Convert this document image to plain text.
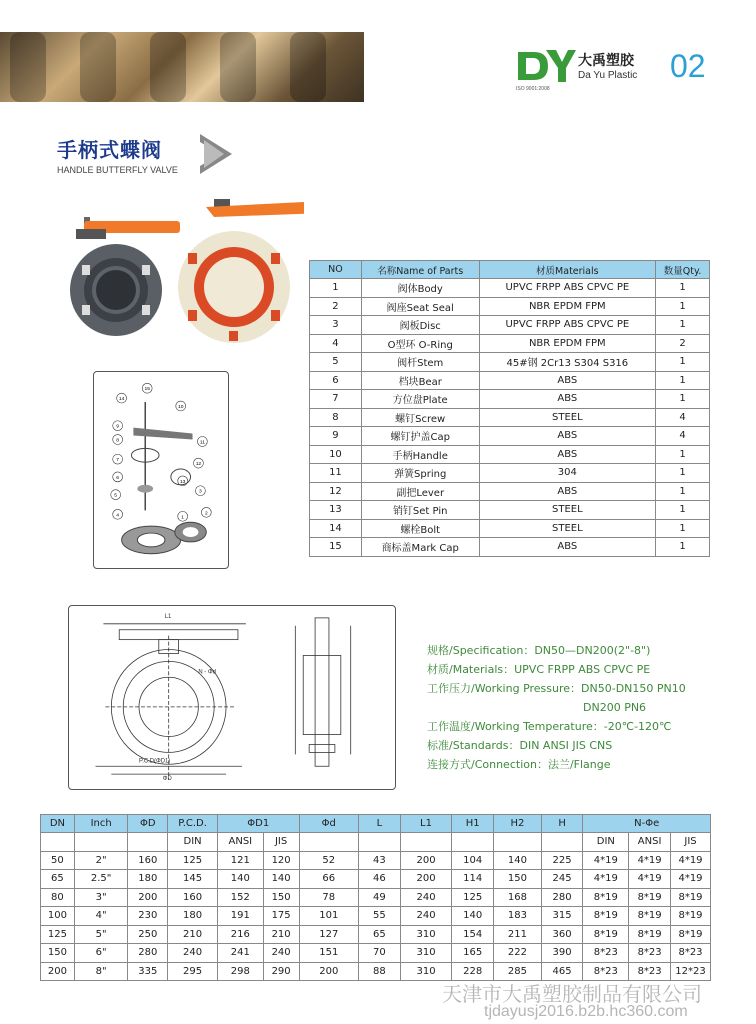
大禹塑胶
Da Yu Plastic
ISO 9001:2008
02
手柄式蝶阀
HANDLE BUTTERFLY VALVE
NO	名称Name of Parts	材质Materials	数量Qty.
1	阀体Body	UPVC FRPP ABS CPVC PE	1
2	阀座Seat Seal	NBR EPDM FPM	1
3	阀板Disc	UPVC FRPP ABS CPVC PE	1
4	O型环 O-Ring	NBR EPDM FPM	2
5	阀杆Stem	45#钢 2Cr13 S304 S316	1
6	档块Bear	ABS	1
7	方位盘Plate	ABS	1
8	螺钉Screw	STEEL	4
9	螺钉护盖Cap	ABS	4
10	手柄Handle	ABS	1
11	弹簧Spring	304	1
12	副把Lever	ABS	1
13	销钉Set Pin	STEEL	1
14	螺栓Bolt	STEEL	1
15	商标盖Mark Cap	ABS	1
15
14
10
9
8	11
7
12
6
13
3
5
4	2
1
P.C.D(ΦD1)
ΦD
N - Φd
L1
规格/Specification：DN50—DN200(2"-8")
材质/Materials：UPVC FRPP ABS CPVC PE
工作压力/Working Pressure：DN50-DN150 PN10
DN200 PN6
工作温度/Working Temperature：-20℃-120℃
标准/Standards：DIN ANSI JIS CNS
连接方式/Connection：法兰/Flange
DN	Inch	ΦD	P.C.D.	ΦD1		Φd	L	L1	H1	H2	H	N-Φe		
			DIN	ANSI	JIS							DIN	ANSI	JIS
50	2"	160	125	121	120	52	43	200	104	140	225	4*19	4*19	4*19
65	2.5"	180	145	140	140	66	46	200	114	150	245	4*19	4*19	4*19
80	3"	200	160	152	150	78	49	240	125	168	280	8*19	8*19	8*19
100	4"	230	180	191	175	101	55	240	140	183	315	8*19	8*19	8*19
125	5"	250	210	216	210	127	65	310	154	211	360	8*19	8*19	8*19
150	6"	280	240	241	240	151	70	310	165	222	390	8*23	8*23	8*23
200	8"	335	295	298	290	200	88	310	228	285	465	8*23	8*23	12*23
天津市大禹塑胶制品有限公司
tjdayusj2016.b2b.hc360.com
